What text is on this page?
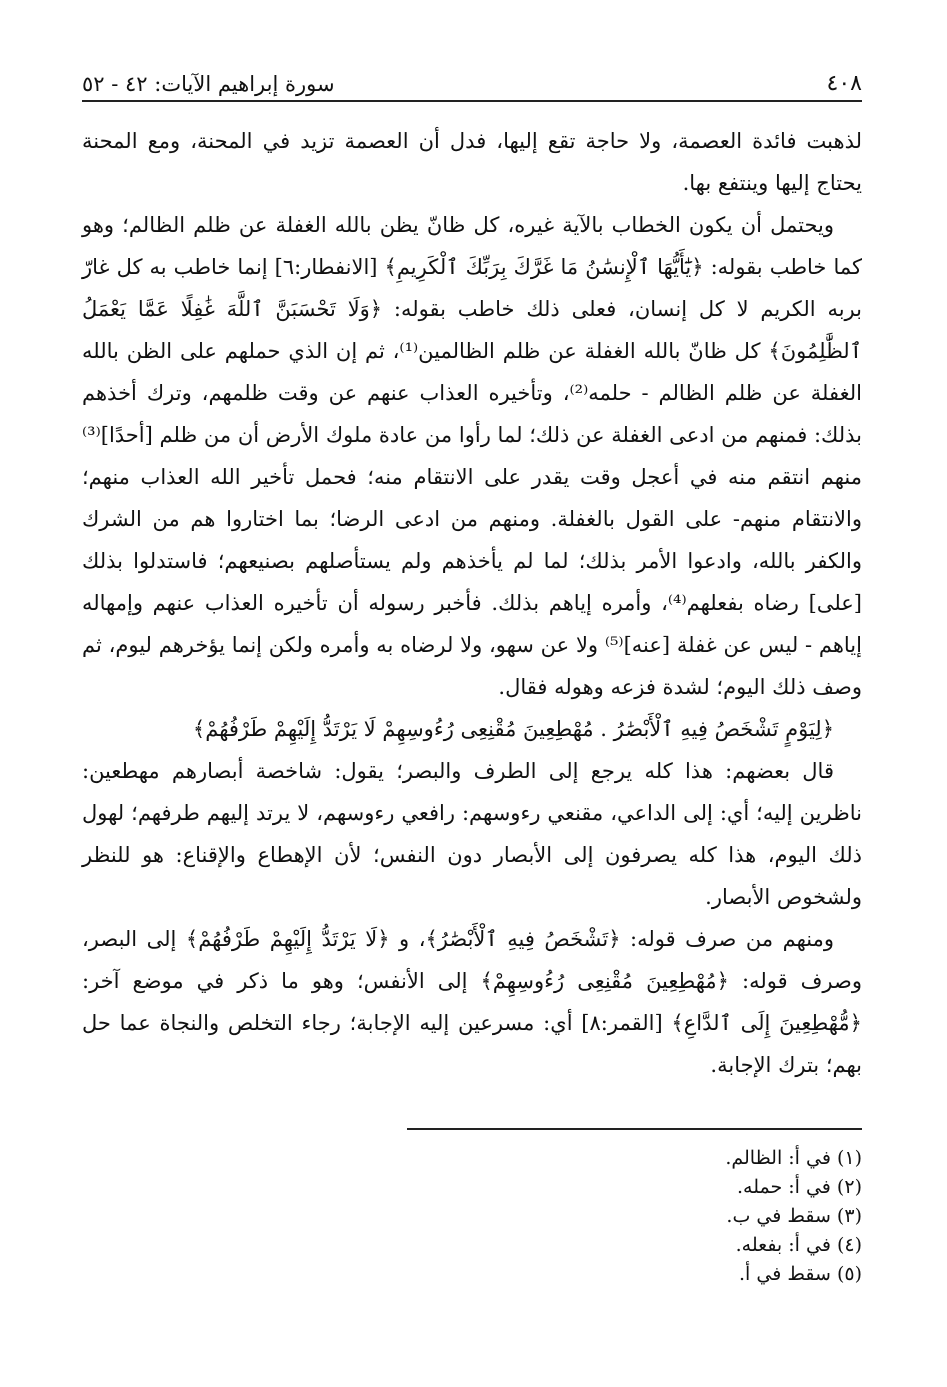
٤٠٨
سورة إبراهيم الآيات: ٤٢ - ٥٢

لذهبت فائدة العصمة، ولا حاجة تقع إليها، فدل أن العصمة تزيد في المحنة، ومع المحنة يحتاج إليها وينتفع بها.

ويحتمل أن يكون الخطاب بالآية غيره، كل ظانّ يظن بالله الغفلة عن ظلم الظالم؛ وهو كما خاطب بقوله: ﴿يَٰٓأَيُّهَا ٱلْإِنسَٰنُ مَا غَرَّكَ بِرَبِّكَ ٱلْكَرِيمِ﴾ [الانفطار:٦] إنما خاطب به كل غارّ بربه الكريم لا كل إنسان، فعلى ذلك خاطب بقوله: ﴿وَلَا تَحْسَبَنَّ ٱللَّهَ غَٰفِلًا عَمَّا يَعْمَلُ ٱلظَّٰلِمُونَ﴾ كل ظانّ بالله الغفلة عن ظلم الظالمين⁽¹⁾، ثم إن الذي حملهم على الظن بالله الغفلة عن ظلم الظالم - حلمه⁽²⁾، وتأخيره العذاب عنهم عن وقت ظلمهم، وترك أخذهم بذلك: فمنهم من ادعى الغفلة عن ذلك؛ لما رأوا من عادة ملوك الأرض أن من ظلم [أحدًا]⁽³⁾ منهم انتقم منه في أعجل وقت يقدر على الانتقام منه؛ فحمل تأخير الله العذاب منهم؛ والانتقام منهم- على القول بالغفلة. ومنهم من ادعى الرضا؛ بما اختاروا هم من الشرك والكفر بالله، وادعوا الأمر بذلك؛ لما لم يأخذهم ولم يستأصلهم بصنيعهم؛ فاستدلوا بذلك [على] رضاه بفعلهم⁽⁴⁾، وأمره إياهم بذلك. فأخبر رسوله أن تأخيره العذاب عنهم وإمهاله إياهم - ليس عن غفلة [عنه]⁽⁵⁾ ولا عن سهو، ولا لرضاه به وأمره ولكن إنما يؤخرهم ليوم، ثم وصف ذلك اليوم؛ لشدة فزعه وهوله فقال.

﴿لِيَوْمٍ تَشْخَصُ فِيهِ ٱلْأَبْصَٰرُ . مُهْطِعِينَ مُقْنِعِى رُءُوسِهِمْ لَا يَرْتَدُّ إِلَيْهِمْ طَرْفُهُمْ﴾

قال بعضهم: هذا كله يرجع إلى الطرف والبصر؛ يقول: شاخصة أبصارهم مهطعين: ناظرين إليه؛ أي: إلى الداعي، مقنعي رءوسهم: رافعي رءوسهم، لا يرتد إليهم طرفهم؛ لهول ذلك اليوم، هذا كله يصرفون إلى الأبصار دون النفس؛ لأن الإهطاع والإقناع: هو للنظر ولشخوص الأبصار.

ومنهم من صرف قوله: ﴿تَشْخَصُ فِيهِ ٱلْأَبْصَٰرُ﴾، و ﴿لَا يَرْتَدُّ إِلَيْهِمْ طَرْفُهُمْ﴾ إلى البصر، وصرف قوله: ﴿مُهْطِعِينَ مُقْنِعِى رُءُوسِهِمْ﴾ إلى الأنفس؛ وهو ما ذكر في موضع آخر: ﴿مُّهْطِعِينَ إِلَى ٱلدَّاعِ﴾ [القمر:٨] أي: مسرعين إليه الإجابة؛ رجاء التخلص والنجاة عما حل بهم؛ بترك الإجابة.

(١) في أ: الظالم.
(٢) في أ: حمله.
(٣) سقط في ب.
(٤) في أ: بفعله.
(٥) سقط في أ.
